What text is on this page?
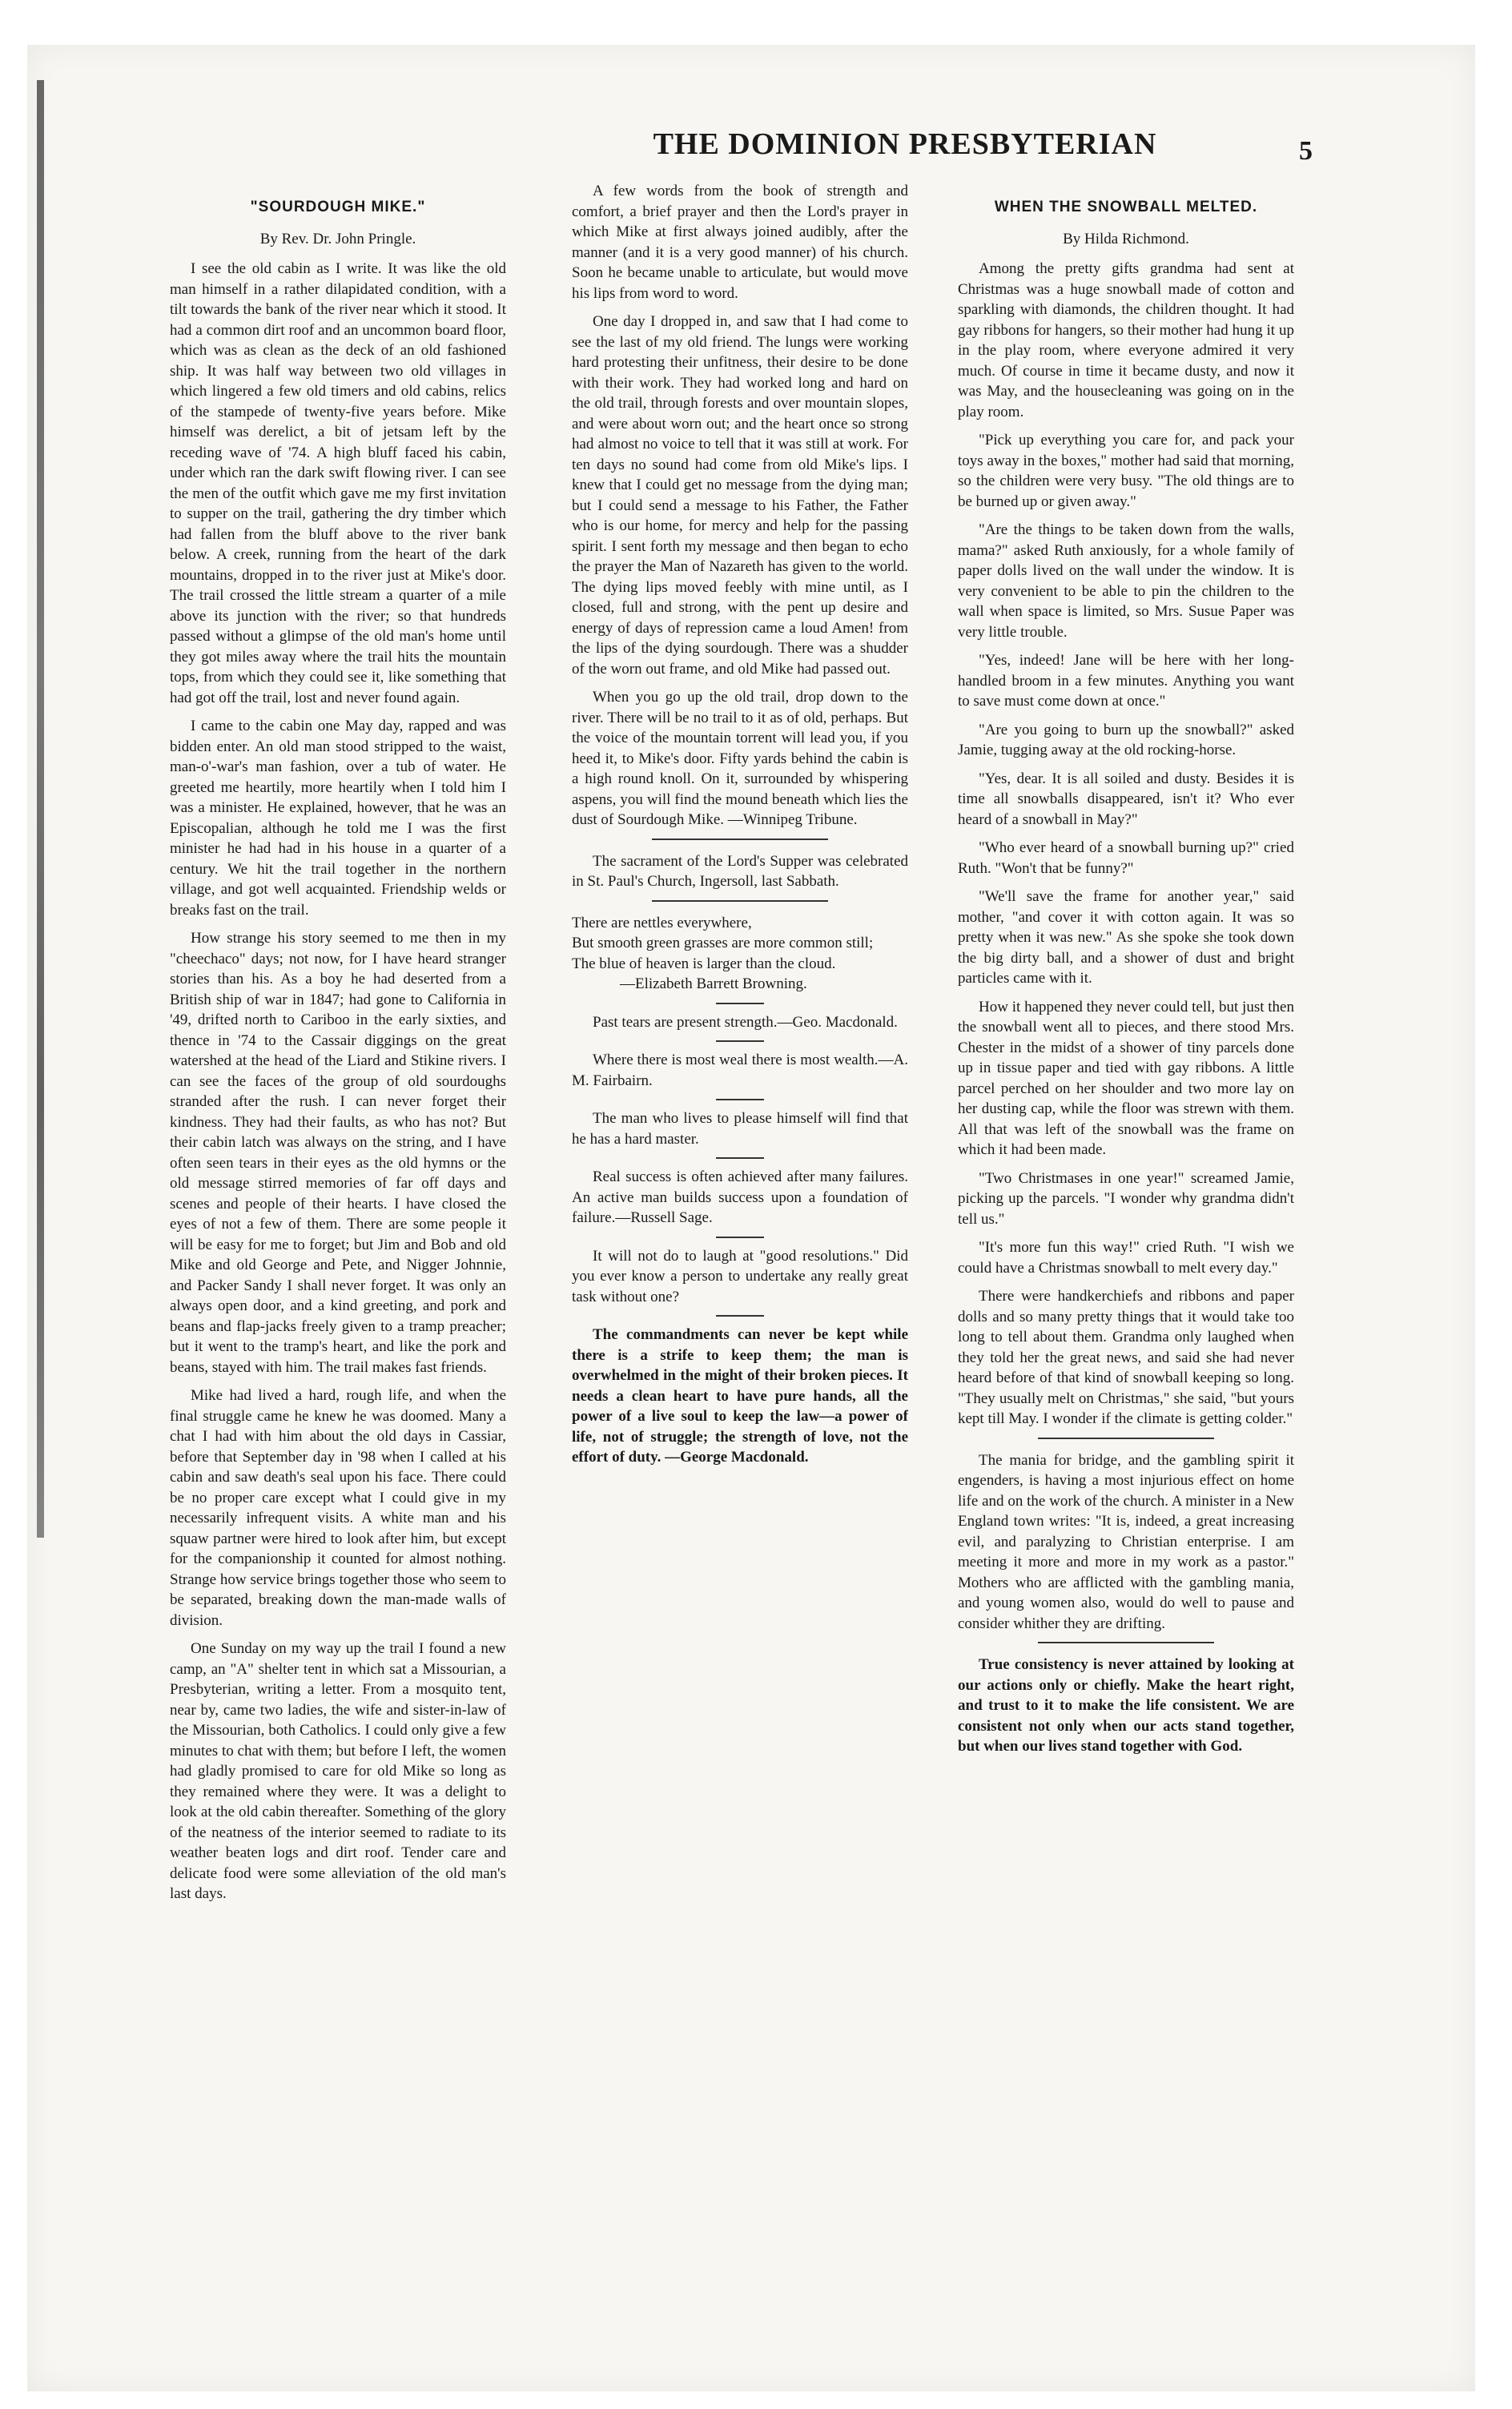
THE DOMINION PRESBYTERIAN	5
"SOURDOUGH MIKE."
By Rev. Dr. John Pringle.

I see the old cabin as I write. It was like the old man himself in a rather dilapidated condition, with a tilt towards the bank of the river near which it stood. It had a common dirt roof and an uncommon board floor, which was as clean as the deck of an old fashioned ship. It was half way between two old villages in which lingered a few old timers and old cabins, relics of the stampede of twenty-five years before. Mike himself was derelict, a bit of jetsam left by the receding wave of '74. A high bluff faced his cabin, under which ran the dark swift flowing river. I can see the men of the outfit which gave me my first invitation to supper on the trail, gathering the dry timber which had fallen from the bluff above to the river bank below. A creek, running from the heart of the dark mountains, dropped in to the river just at Mike's door. The trail crossed the little stream a quarter of a mile above its junction with the river; so that hundreds passed without a glimpse of the old man's home until they got miles away where the trail hits the mountain tops, from which they could see it, like something that had got off the trail, lost and never found again.

I came to the cabin one May day, rapped and was bidden enter. An old man stood stripped to the waist, man-o'-war's man fashion, over a tub of water. He greeted me heartily, more heartily when I told him I was a minister. He explained, however, that he was an Episcopalian, although he told me I was the first minister he had had in his house in a quarter of a century. We hit the trail together in the northern village, and got well acquainted. Friendship welds or breaks fast on the trail.

How strange his story seemed to me then in my "cheechaco" days; not now, for I have heard stranger stories than his. As a boy he had deserted from a British ship of war in 1847; had gone to California in '49, drifted north to Cariboo in the early sixties, and thence in '74 to the Cassair diggings on the great watershed at the head of the Liard and Stikine rivers. I can see the faces of the group of old sourdoughs stranded after the rush. I can never forget their kindness. They had their faults, as who has not? But their cabin latch was always on the string, and I have often seen tears in their eyes as the old hymns or the old message stirred memories of far off days and scenes and people of their hearts. I have closed the eyes of not a few of them. There are some people it will be easy for me to forget; but Jim and Bob and old Mike and old George and Pete, and Nigger Johnnie, and Packer Sandy I shall never forget. It was only an always open door, and a kind greeting, and pork and beans and flap-jacks freely given to a tramp preacher; but it went to the tramp's heart, and like the pork and beans, stayed with him. The trail makes fast friends.

Mike had lived a hard, rough life, and when the final struggle came he knew he was doomed. Many a chat I had with him about the old days in Cassiar, before that September day in '98 when I called at his cabin and saw death's seal upon his face. There could be no proper care except what I could give in my necessarily infrequent visits. A white man and his squaw partner were hired to look after him, but except for the companionship it counted for almost nothing. Strange how service brings together those who seem to be separated, breaking down the man-made walls of division.

One Sunday on my way up the trail I found a new camp, an "A" shelter tent in which sat a Missourian, a Presbyterian, writing a letter. From a mosquito tent, near by, came two ladies, the wife and sister-in-law of the Missourian, both Catholics. I could only give a few minutes to chat with them; but before I left, the women had gladly promised to care for old Mike so long as they remained where they were. It was a delight to look at the old cabin thereafter. Something of the glory of the neatness of the interior seemed to radiate to its weather beaten logs and dirt roof. Tender care and delicate food were some alleviation of the old man's last days.

A few words from the book of strength and comfort, a brief prayer and then the Lord's prayer in which Mike at first always joined audibly, after the manner (and it is a very good manner) of his church. Soon he became unable to articulate, but would move his lips from word to word.

One day I dropped in, and saw that I had come to see the last of my old friend. The lungs were working hard protesting their unfitness, their desire to be done with their work. They had worked long and hard on the old trail, through forests and over mountain slopes, and were about worn out; and the heart once so strong had almost no voice to tell that it was still at work. For ten days no sound had come from old Mike's lips. I knew that I could get no message from the dying man; but I could send a message to his Father, the Father who is our home, for mercy and help for the passing spirit. I sent forth my message and then began to echo the prayer the Man of Nazareth has given to the world. The dying lips moved feebly with mine until, as I closed, full and strong, with the pent up desire and energy of days of repression came a loud Amen! from the lips of the dying sourdough. There was a shudder of the worn out frame, and old Mike had passed out.

When you go up the old trail, drop down to the river. There will be no trail to it as of old, perhaps. But the voice of the mountain torrent will lead you, if you heed it, to Mike's door. Fifty yards behind the cabin is a high round knoll. On it, surrounded by whispering aspens, you will find the mound beneath which lies the dust of Sourdough Mike. —Winnipeg Tribune.

The sacrament of the Lord's Supper was celebrated in St. Paul's Church, Ingersoll, last Sabbath.

There are nettles everywhere,
But smooth green grasses are more common still;
The blue of heaven is larger than the cloud.
—Elizabeth Barrett Browning.

Past tears are present strength.—Geo. Macdonald.

Where there is most weal there is most wealth.—A. M. Fairbairn.

The man who lives to please himself will find that he has a hard master.

Real success is often achieved after many failures. An active man builds success upon a foundation of failure.—Russell Sage.

It will not do to laugh at "good resolutions." Did you ever know a person to undertake any really great task without one?

The commandments can never be kept while there is a strife to keep them; the man is overwhelmed in the might of their broken pieces. It needs a clean heart to have pure hands, all the power of a live soul to keep the law—a power of life, not of struggle; the strength of love, not the effort of duty. —George Macdonald.

WHEN THE SNOWBALL MELTED.
By Hilda Richmond.

Among the pretty gifts grandma had sent at Christmas was a huge snowball made of cotton and sparkling with diamonds, the children thought. It had gay ribbons for hangers, so their mother had hung it up in the play room, where everyone admired it very much. Of course in time it became dusty, and now it was May, and the housecleaning was going on in the play room.

"Pick up everything you care for, and pack your toys away in the boxes," mother had said that morning, so the children were very busy. "The old things are to be burned up or given away."

"Are the things to be taken down from the walls, mama?" asked Ruth anxiously, for a whole family of paper dolls lived on the wall under the window. It is very convenient to be able to pin the children to the wall when space is limited, so Mrs. Susue Paper was very little trouble.

"Yes, indeed! Jane will be here with her long-handled broom in a few minutes. Anything you want to save must come down at once."

"Are you going to burn up the snowball?" asked Jamie, tugging away at the old rocking-horse.

"Yes, dear. It is all soiled and dusty. Besides it is time all snowballs disappeared, isn't it? Who ever heard of a snowball in May?"

"Who ever heard of a snowball burning up?" cried Ruth. "Won't that be funny?"

"We'll save the frame for another year," said mother, "and cover it with cotton again. It was so pretty when it was new." As she spoke she took down the big dirty ball, and a shower of dust and bright particles came with it.

How it happened they never could tell, but just then the snowball went all to pieces, and there stood Mrs. Chester in the midst of a shower of tiny parcels done up in tissue paper and tied with gay ribbons. A little parcel perched on her shoulder and two more lay on her dusting cap, while the floor was strewn with them. All that was left of the snowball was the frame on which it had been made.

"Two Christmases in one year!" screamed Jamie, picking up the parcels. "I wonder why grandma didn't tell us."

"It's more fun this way!" cried Ruth. "I wish we could have a Christmas snowball to melt every day."

There were handkerchiefs and ribbons and paper dolls and so many pretty things that it would take too long to tell about them. Grandma only laughed when they told her the great news, and said she had never heard before of that kind of snowball keeping so long. "They usually melt on Christmas," she said, "but yours kept till May. I wonder if the climate is getting colder."

The mania for bridge, and the gambling spirit it engenders, is having a most injurious effect on home life and on the work of the church. A minister in a New England town writes: "It is, indeed, a great increasing evil, and paralyzing to Christian enterprise. I am meeting it more and more in my work as a pastor." Mothers who are afflicted with the gambling mania, and young women also, would do well to pause and consider whither they are drifting.

True consistency is never attained by looking at our actions only or chiefly. Make the heart right, and trust to it to make the life consistent. We are consistent not only when our acts stand together, but when our lives stand together with God.
